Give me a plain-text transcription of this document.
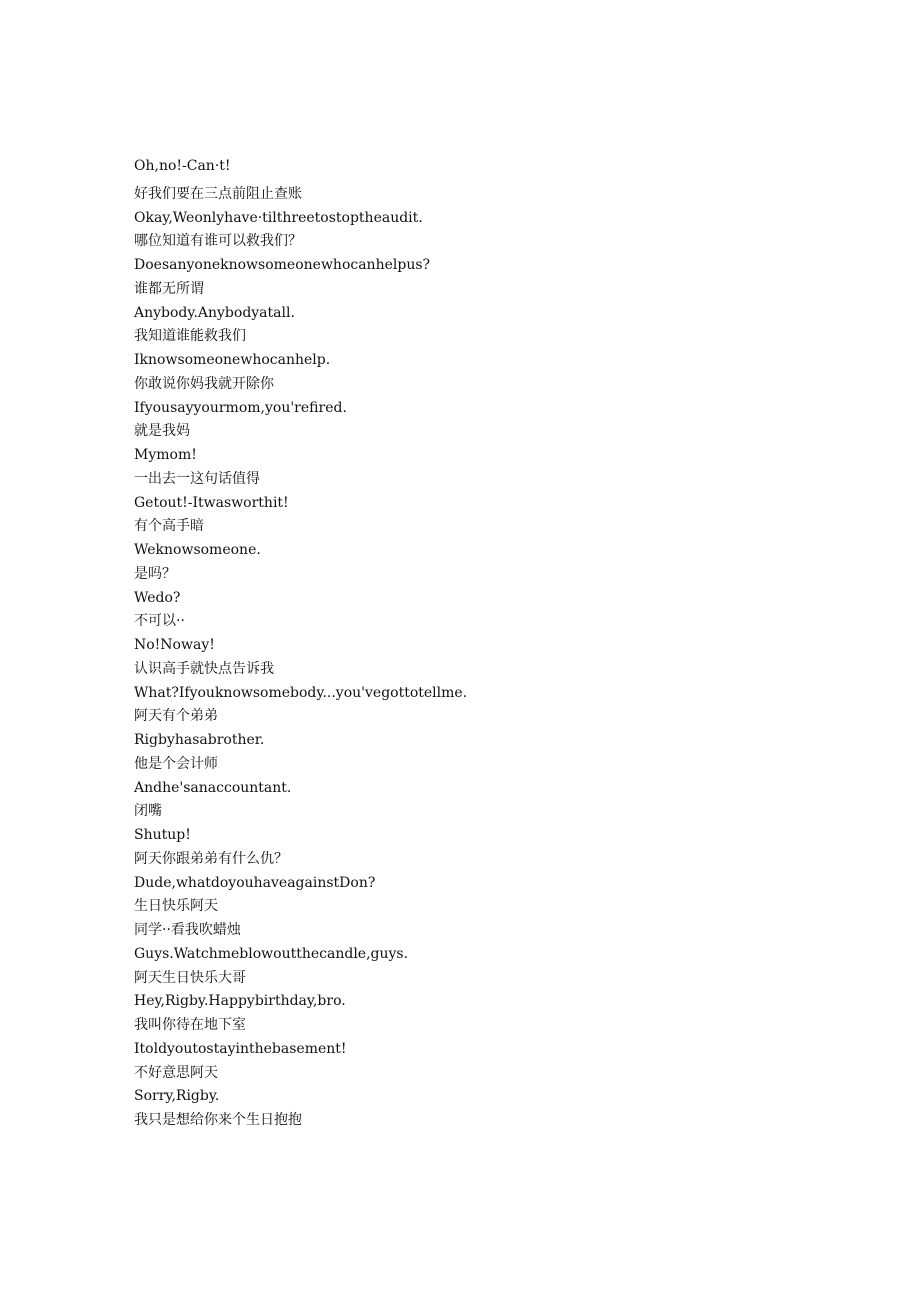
Oh,no!-Can·t!
好我们要在三点前阻止查账
Okay,Weonlyhave·tilthreetostoptheaudit.
哪位知道有谁可以救我们？
Doesanyoneknowsomeonewhocanhelpus?
谁都无所谓
Anybody.Anybodyatall.
我知道谁能救我们
Iknowsomeonewhocanhelp.
你敢说你妈我就开除你
Ifyousayyourmom,you'refired.
就是我妈
Mymom!
一出去一这句话值得
Getout!-Itwasworthit!
有个高手暗
Weknowsomeone.
是吗？
Wedo?
不可以··
No!Noway!
认识高手就快点告诉我
What?Ifyouknowsomebody...you'vegottotellme.
阿天有个弟弟
Rigbyhasabrother.
他是个会计师
Andhe'sanaccountant.
闭嘴
Shutup!
阿天你跟弟弟有什么仇？
Dude,whatdoyouhaveagainstDon?
生日快乐阿天
同学··看我吹蜡烛
Guys.Watchmeblowoutthecandle,guys.
阿天生日快乐大哥
Hey,Rigby.Happybirthday,bro.
我叫你待在地下室
Itoldyoutostayinthebasement!
不好意思阿天
Sorry,Rigby.
我只是想给你来个生日抱抱
